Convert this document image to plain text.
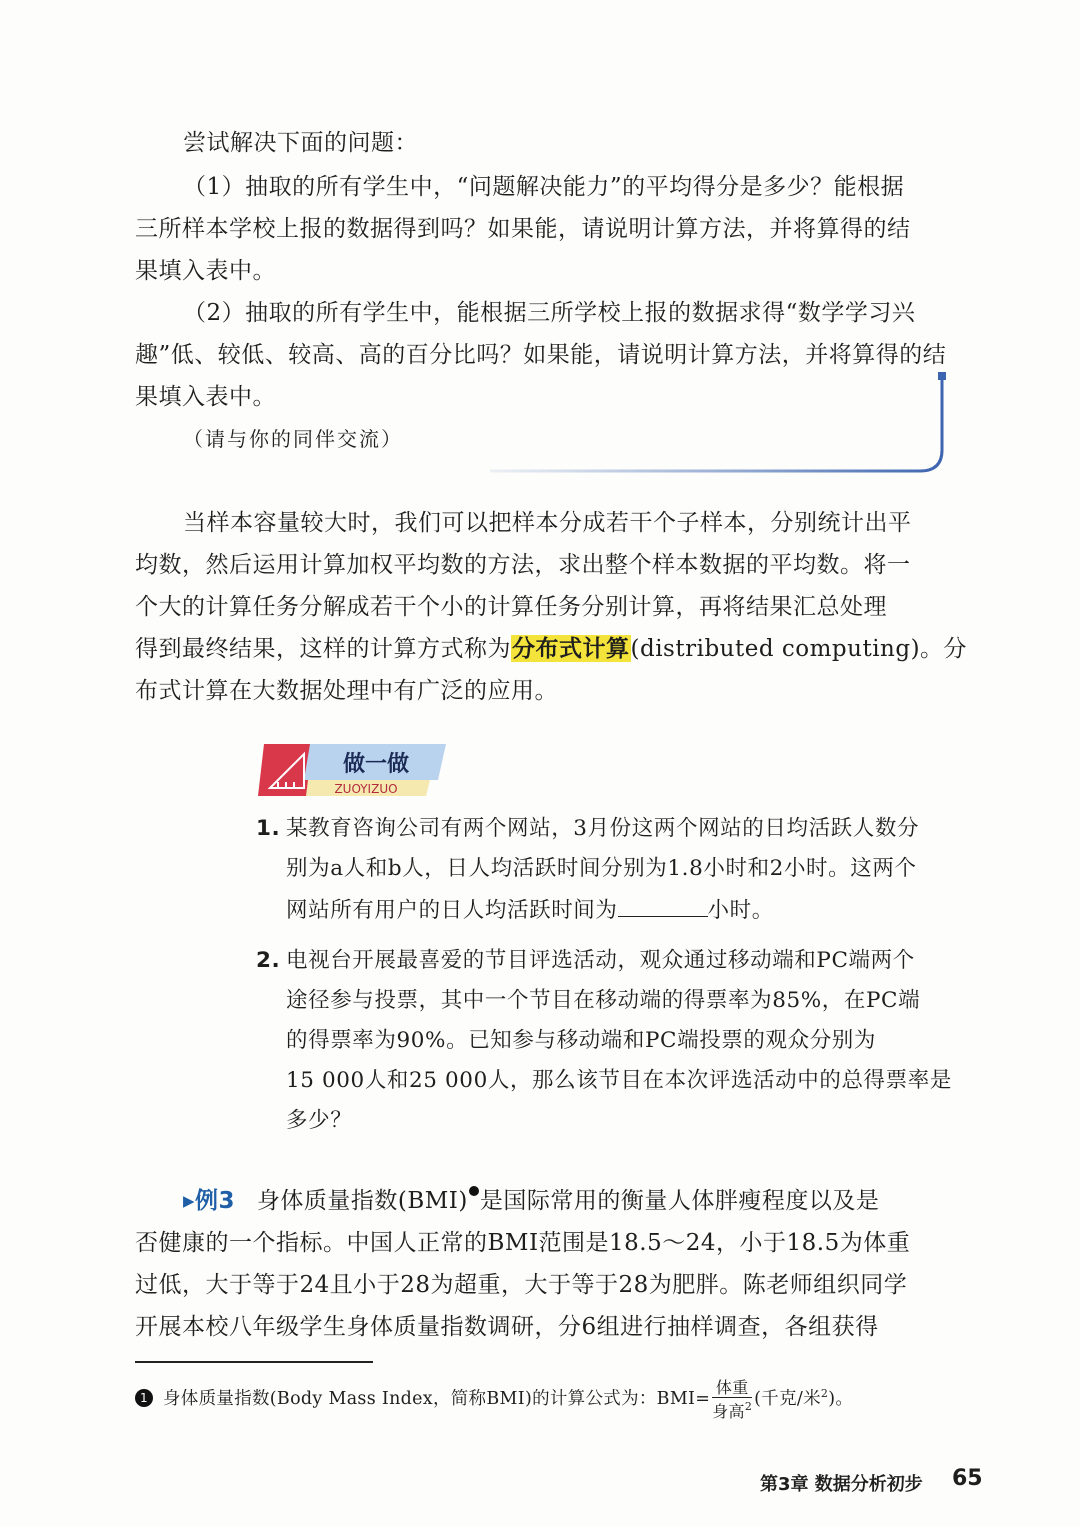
尝试解决下面的问题：
（1）抽取的所有学生中，“问题解决能力”的平均得分是多少？能根据
三所样本学校上报的数据得到吗？如果能，请说明计算方法，并将算得的结
果填入表中。
（2）抽取的所有学生中，能根据三所学校上报的数据求得“数学学习兴
趣”低、较低、较高、高的百分比吗？如果能，请说明计算方法，并将算得的结
果填入表中。
（请与你的同伴交流）
当样本容量较大时，我们可以把样本分成若干个子样本，分别统计出平
均数，然后运用计算加权平均数的方法，求出整个样本数据的平均数。将一
个大的计算任务分解成若干个小的计算任务分别计算，再将结果汇总处理
得到最终结果，这样的计算方式称为分布式计算(distributed computing)。分
布式计算在大数据处理中有广泛的应用。
做一做
ZUOYIZUO
1. 某教育咨询公司有两个网站，3月份这两个网站的日均活跃人数分
别为a人和b人，日人均活跃时间分别为1.8小时和2小时。这两个
网站所有用户的日人均活跃时间为	小时。
2. 电视台开展最喜爱的节目评选活动，观众通过移动端和PC端两个
途径参与投票，其中一个节目在移动端的得票率为85%，在PC端
的得票率为90%。已知参与移动端和PC端投票的观众分别为
15 000人和25 000人，那么该节目在本次评选活动中的总得票率是
多少？
▸例3 身体质量指数(BMI) 是国际常用的衡量人体胖瘦程度以及是
否健康的一个指标。中国人正常的BMI范围是18.5～24，小于18.5为体重
过低，大于等于24且小于28为超重，大于等于28为肥胖。陈老师组织同学
开展本校八年级学生身体质量指数调研，分6组进行抽样调查，各组获得
1 身体质量指数(Body Mass Index，简称BMI)的计算公式为：$BMI= \frac{\text{体重}}{身高^2}$ (千克/米$^2$)。
第3章 数据分析初步 65
